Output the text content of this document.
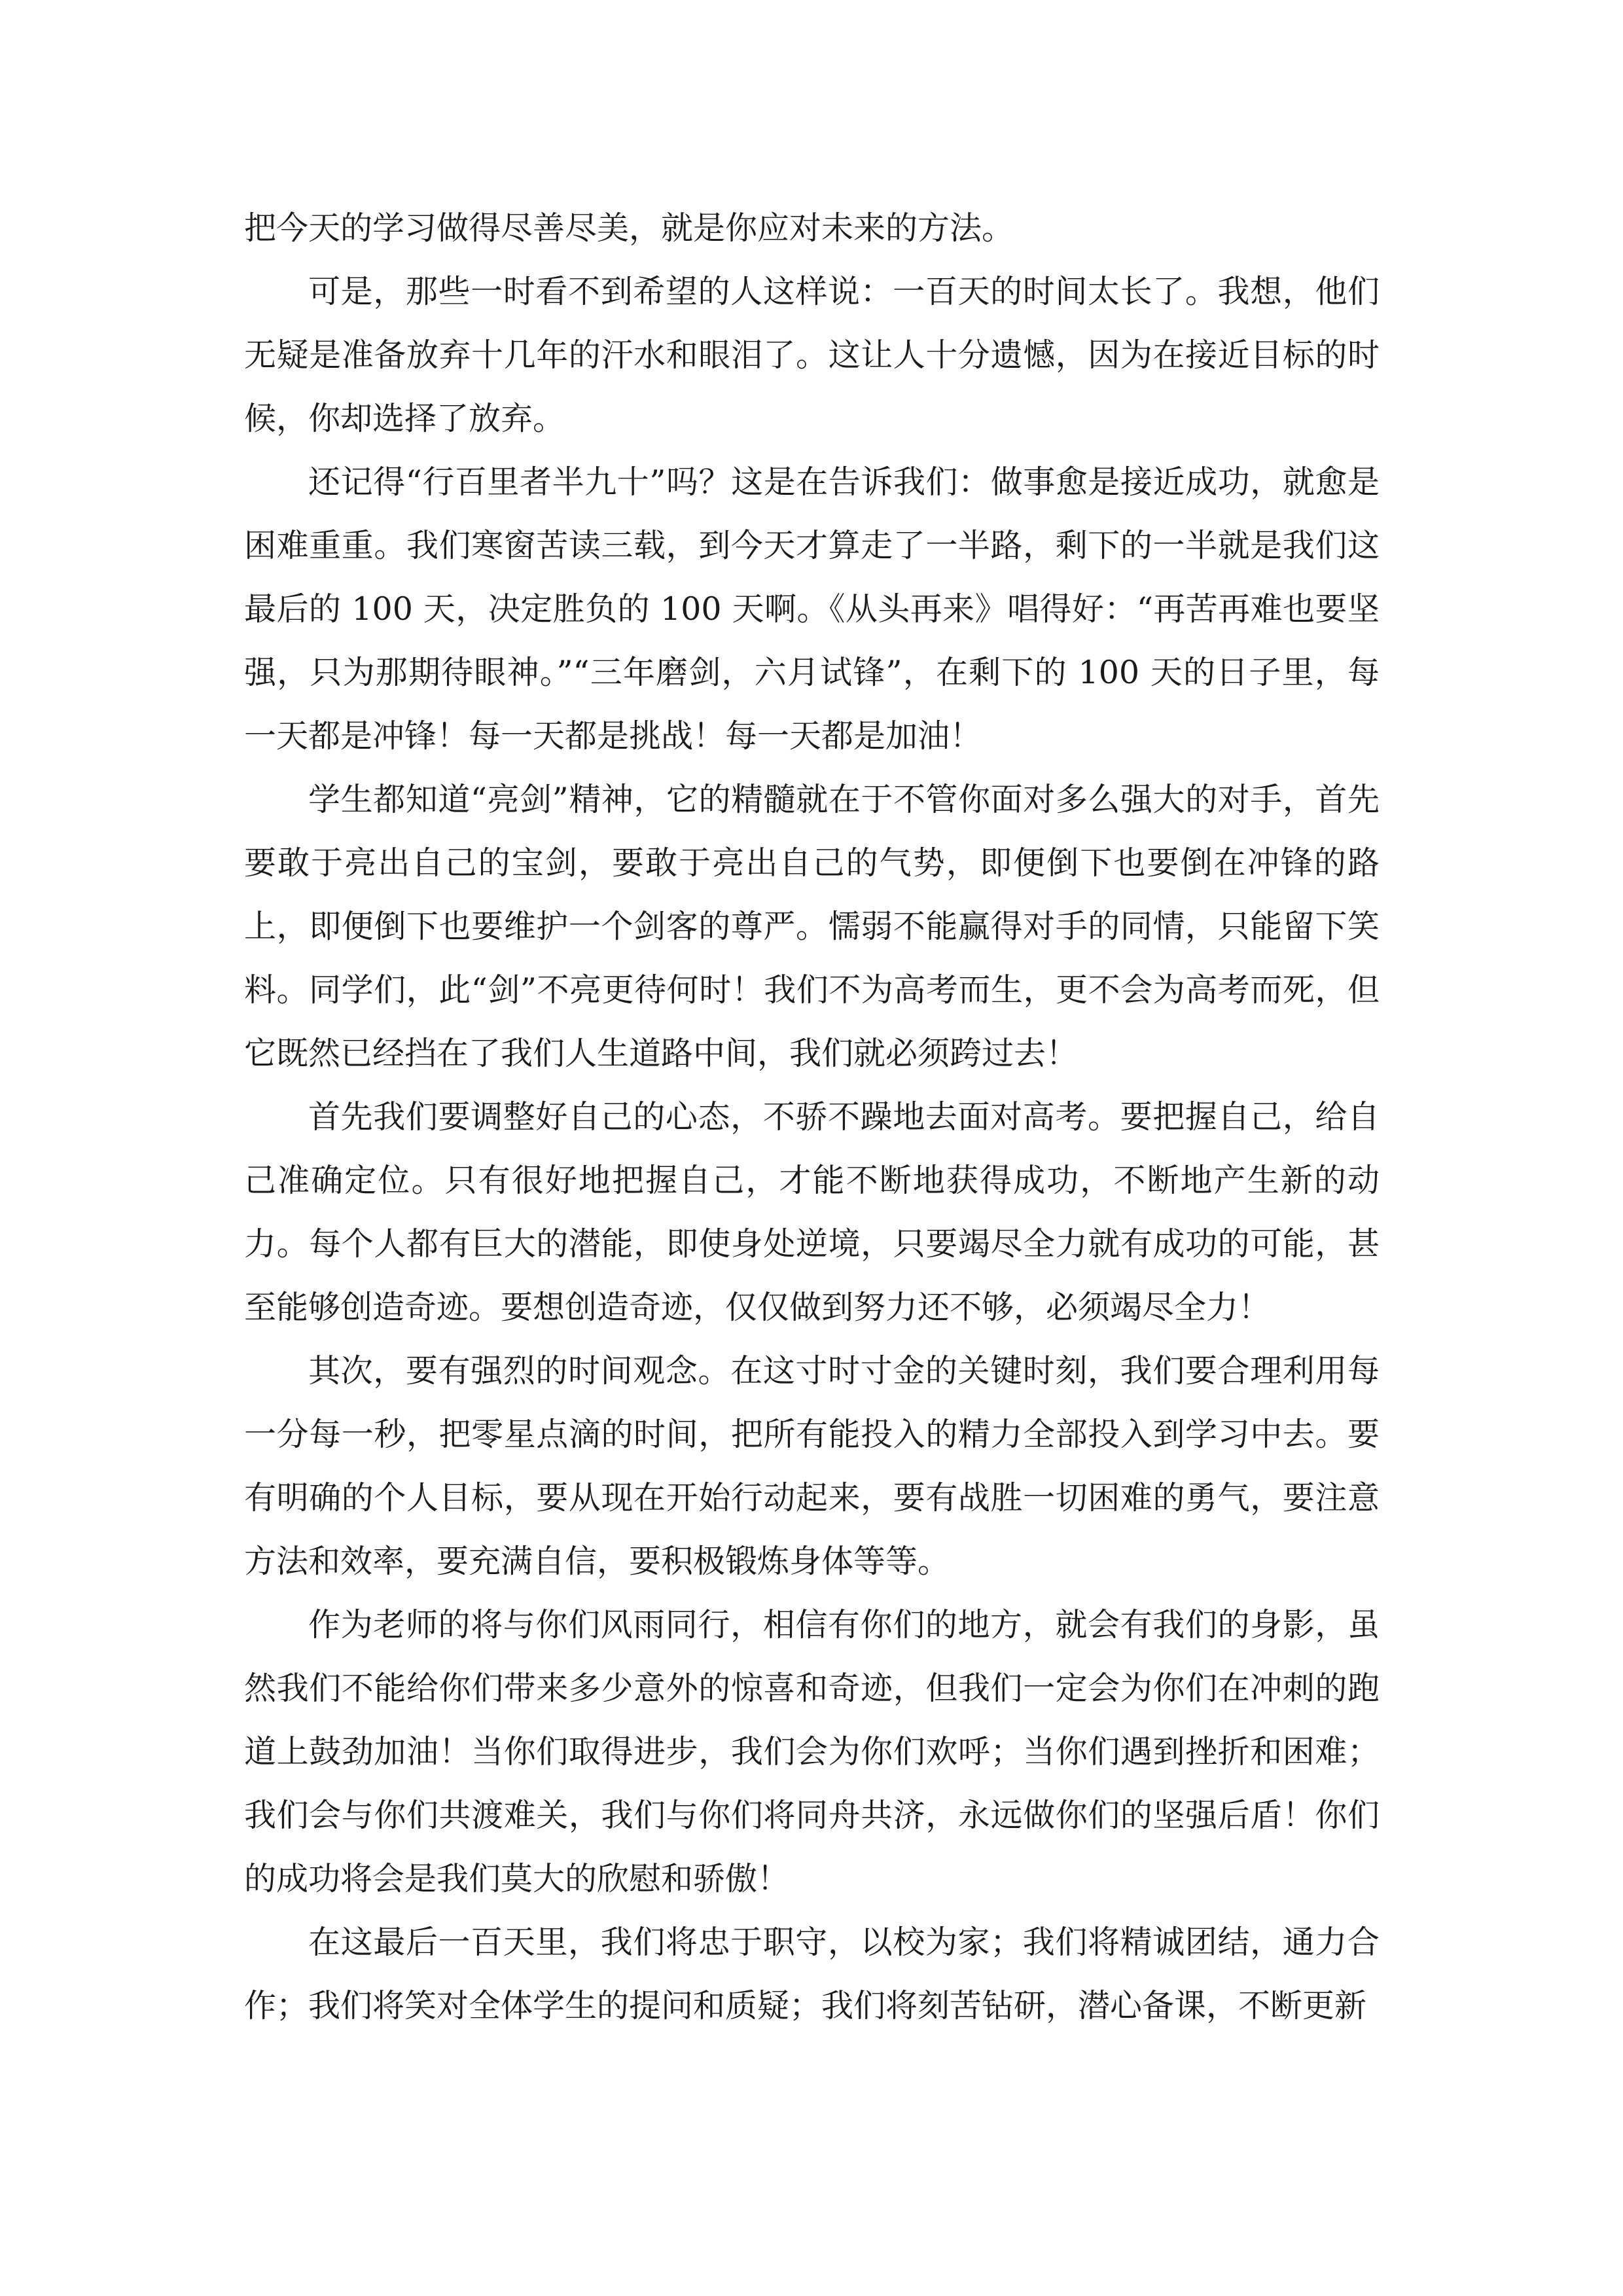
把今天的学习做得尽善尽美，就是你应对未来的方法。

可是，那些一时看不到希望的人这样说：一百天的时间太长了。我想，他们无疑是准备放弃十几年的汗水和眼泪了。这让人十分遗憾，因为在接近目标的时候，你却选择了放弃。

还记得“行百里者半九十”吗？这是在告诉我们：做事愈是接近成功，就愈是困难重重。我们寒窗苦读三载，到今天才算走了一半路，剩下的一半就是我们这最后的 100 天，决定胜负的 100 天啊。《从头再来》唱得好：“再苦再难也要坚强，只为那期待眼神。”“三年磨剑，六月试锋”，在剩下的 100 天的日子里，每一天都是冲锋！每一天都是挑战！每一天都是加油！

学生都知道“亮剑”精神，它的精髓就在于不管你面对多么强大的对手，首先要敢于亮出自己的宝剑，要敢于亮出自己的气势，即便倒下也要倒在冲锋的路上，即便倒下也要维护一个剑客的尊严。懦弱不能赢得对手的同情，只能留下笑料。同学们，此“剑”不亮更待何时！我们不为高考而生，更不会为高考而死，但它既然已经挡在了我们人生道路中间，我们就必须跨过去！

首先我们要调整好自己的心态，不骄不躁地去面对高考。要把握自己，给自己准确定位。只有很好地把握自己，才能不断地获得成功，不断地产生新的动力。每个人都有巨大的潜能，即使身处逆境，只要竭尽全力就有成功的可能，甚至能够创造奇迹。要想创造奇迹，仅仅做到努力还不够，必须竭尽全力！

其次，要有强烈的时间观念。在这寸时寸金的关键时刻，我们要合理利用每一分每一秒，把零星点滴的时间，把所有能投入的精力全部投入到学习中去。要有明确的个人目标，要从现在开始行动起来，要有战胜一切困难的勇气，要注意方法和效率，要充满自信，要积极锻炼身体等等。

作为老师的将与你们风雨同行，相信有你们的地方，就会有我们的身影，虽然我们不能给你们带来多少意外的惊喜和奇迹，但我们一定会为你们在冲刺的跑道上鼓劲加油！当你们取得进步，我们会为你们欢呼；当你们遇到挫折和困难；我们会与你们共渡难关，我们与你们将同舟共济，永远做你们的坚强后盾！你们的成功将会是我们莫大的欣慰和骄傲！

在这最后一百天里，我们将忠于职守，以校为家；我们将精诚团结，通力合作；我们将笑对全体学生的提问和质疑；我们将刻苦钻研，潜心备课，不断更新
